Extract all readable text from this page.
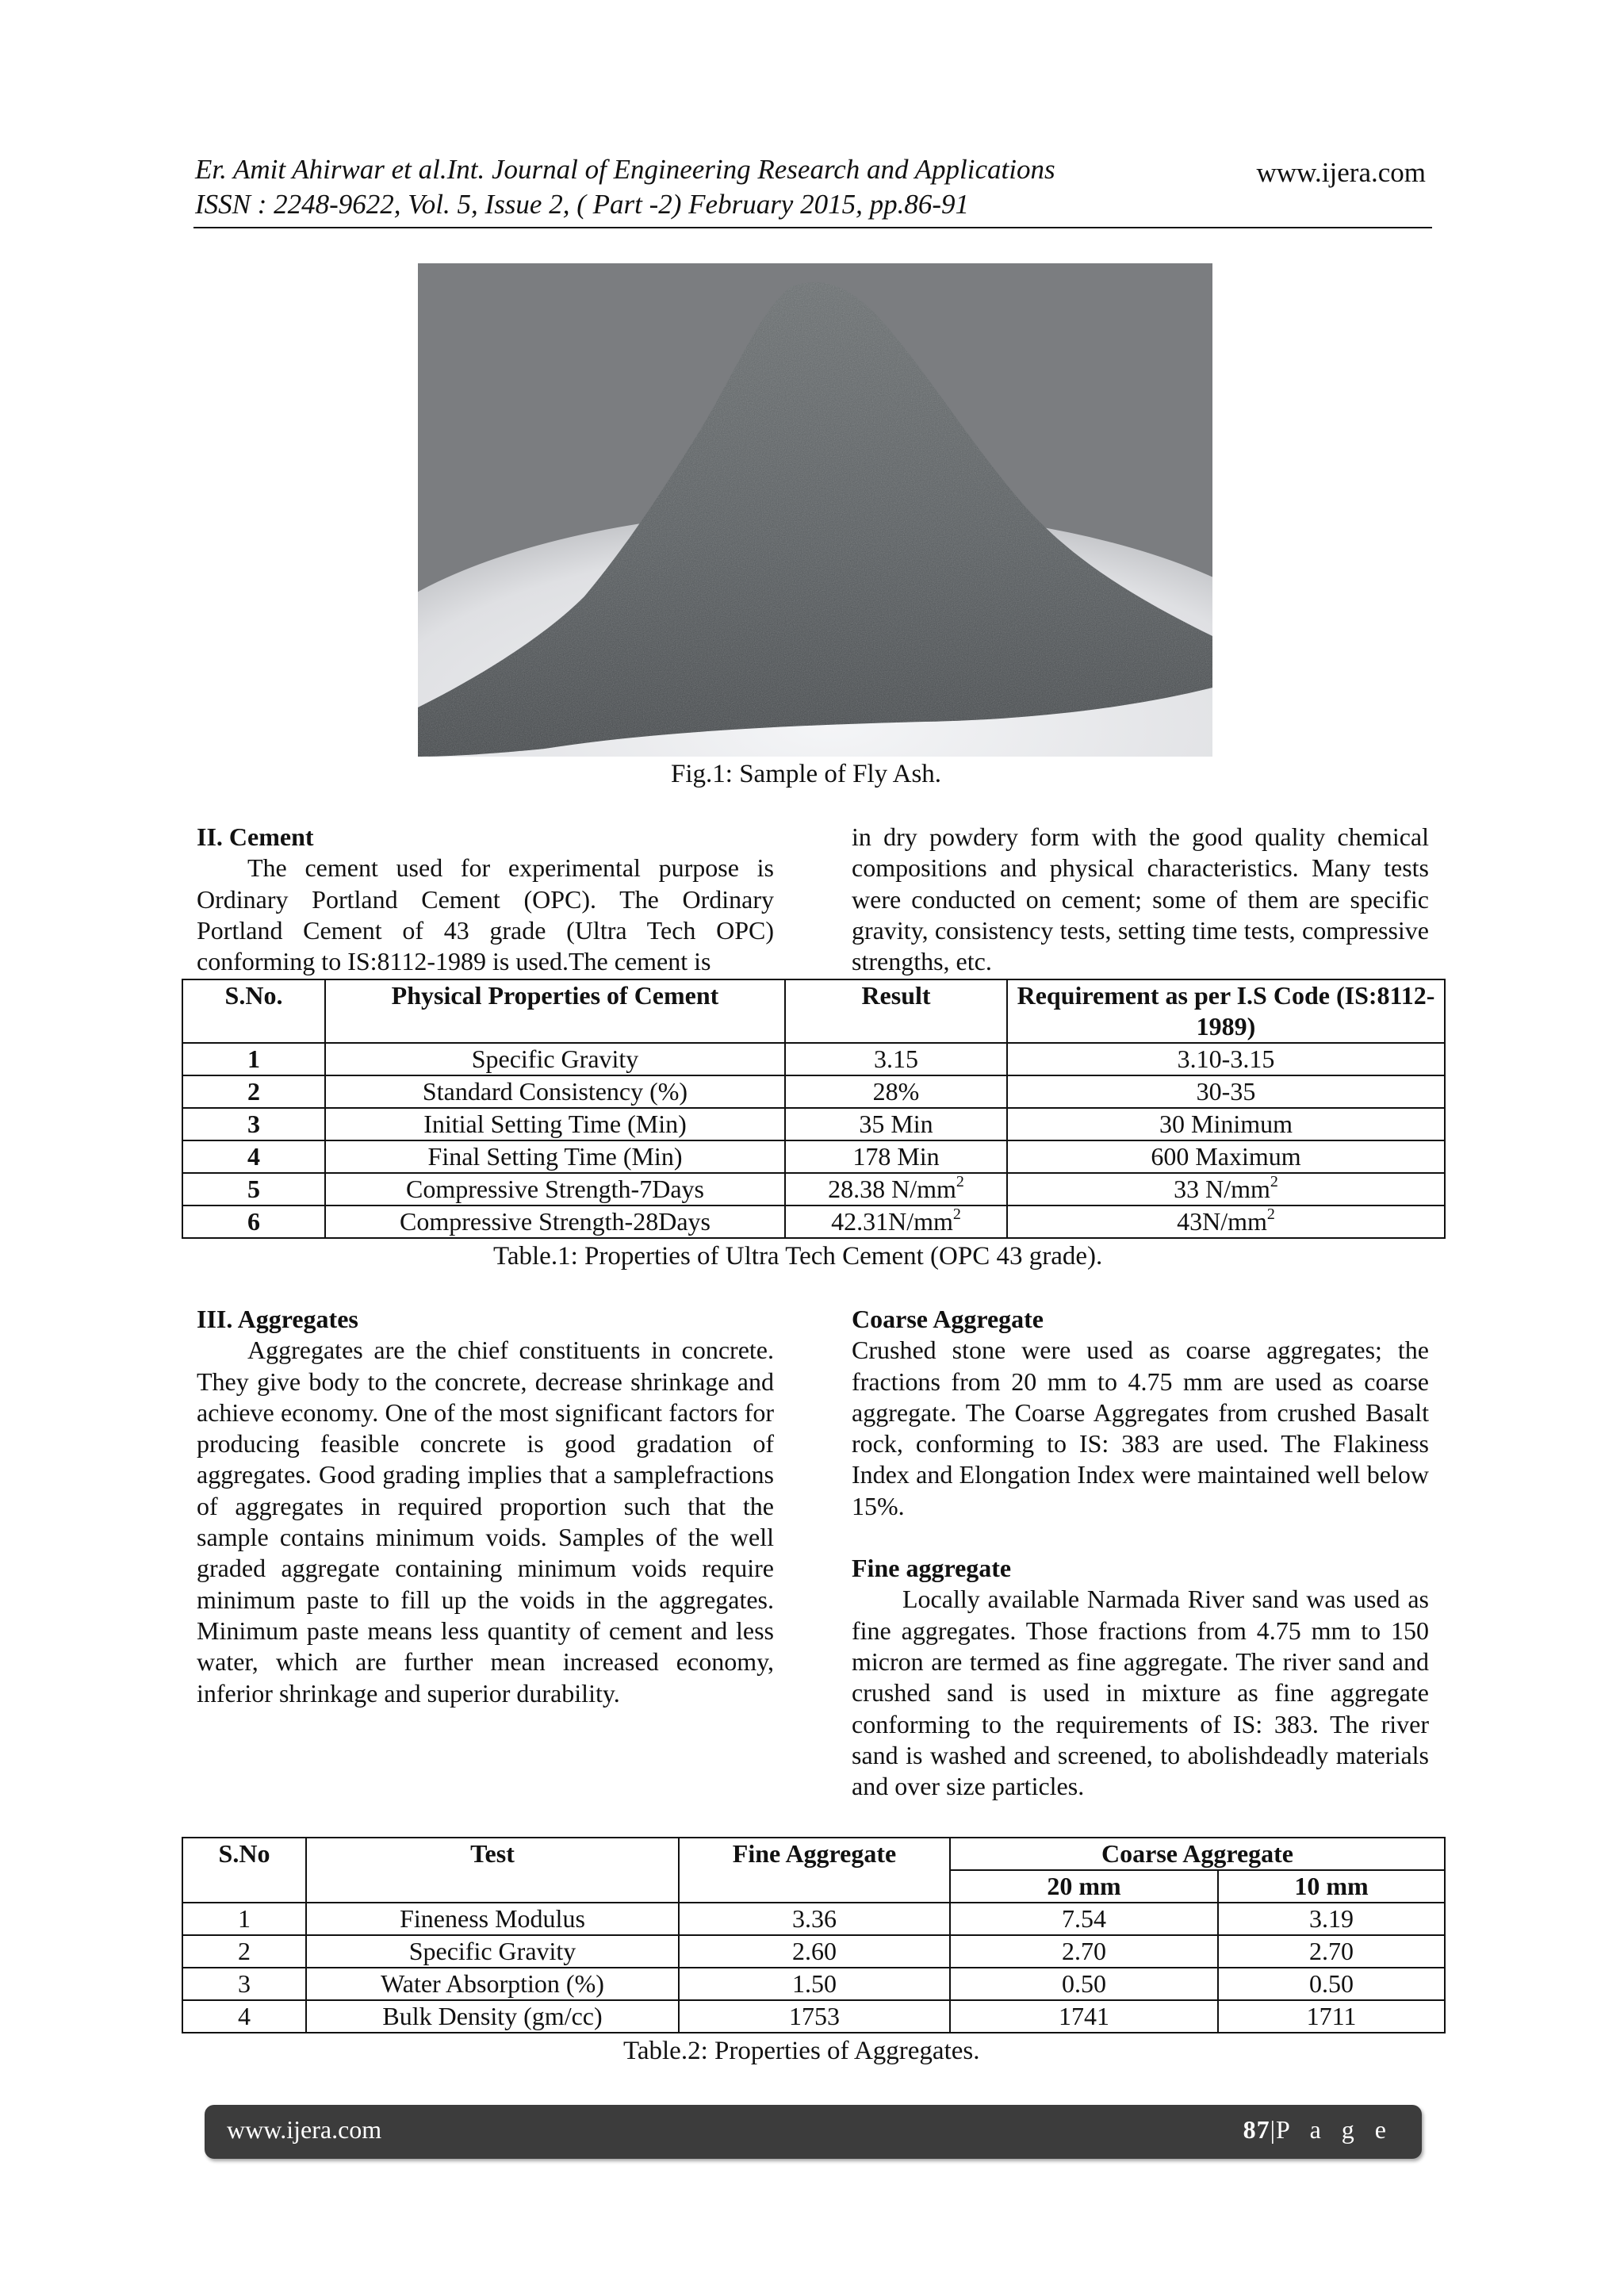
Er. Amit Ahirwar et al.Int. Journal of Engineering Research and Applications
ISSN : 2248-9622, Vol. 5, Issue 2, ( Part -2) February 2015, pp.86-91
www.ijera.com
Fig.1: Sample of Fly Ash.

II. Cement

The cement used for experimental purpose is Ordinary Portland Cement (OPC). The Ordinary Portland Cement of 43 grade (Ultra Tech OPC) conforming to IS:8112-1989 is used.The cement is

in dry powdery form with the good quality chemical compositions and physical characteristics. Many tests were conducted on cement; some of them are specific gravity, consistency tests, setting time tests, compressive strengths, etc.
S.No.	Physical Properties of Cement	Result	Requirement as per I.S Code (IS:8112-1989)
1	Specific Gravity	3.15	3.10-3.15
2	Standard Consistency (%)	28%	30-35
3	Initial Setting Time (Min)	35 Min	30 Minimum
4	Final Setting Time (Min)	178 Min	600 Maximum
5	Compressive Strength-7Days	28.38 $N/mm^2$	33 $N/mm^2$
6	Compressive Strength-28Days	$42.31N/mm^2$	$43N/mm^2$
Table.1: Properties of Ultra Tech Cement (OPC 43 grade).

III. Aggregates

Aggregates are the chief constituents in concrete. They give body to the concrete, decrease shrinkage and achieve economy. One of the most significant factors for producing feasible concrete is good gradation of aggregates. Good grading implies that a samplefractions of aggregates in required proportion such that the sample contains minimum voids. Samples of the well graded aggregate containing minimum voids require minimum paste to fill up the voids in the aggregates. Minimum paste means less quantity of cement and less water, which are further mean increased economy, inferior shrinkage and superior durability.

Coarse Aggregate

Crushed stone were used as coarse aggregates; the fractions from 20 mm to 4.75 mm are used as coarse aggregate. The Coarse Aggregates from crushed Basalt rock, conforming to IS: 383 are used. The Flakiness Index and Elongation Index were maintained well below 15%.

Fine aggregate

Locally available Narmada River sand was used as fine aggregates. Those fractions from 4.75 mm to 150 micron are termed as fine aggregate. The river sand and crushed sand is used in mixture as fine aggregate conforming to the requirements of IS: 383. The river sand is washed and screened, to abolishdeadly materials and over size particles.

S.No	Test	Fine Aggregate	Coarse Aggregate	
			20 mm	10 mm
1	Fineness Modulus	3.36	7.54	3.19
2	Specific Gravity	2.60	2.70	2.70
3	Water Absorption (%)	1.50	0.50	0.50
4	Bulk Density (gm/cc)	1753	1741	1711
Table.2: Properties of Aggregates.
www.ijera.com	87|P a g e
